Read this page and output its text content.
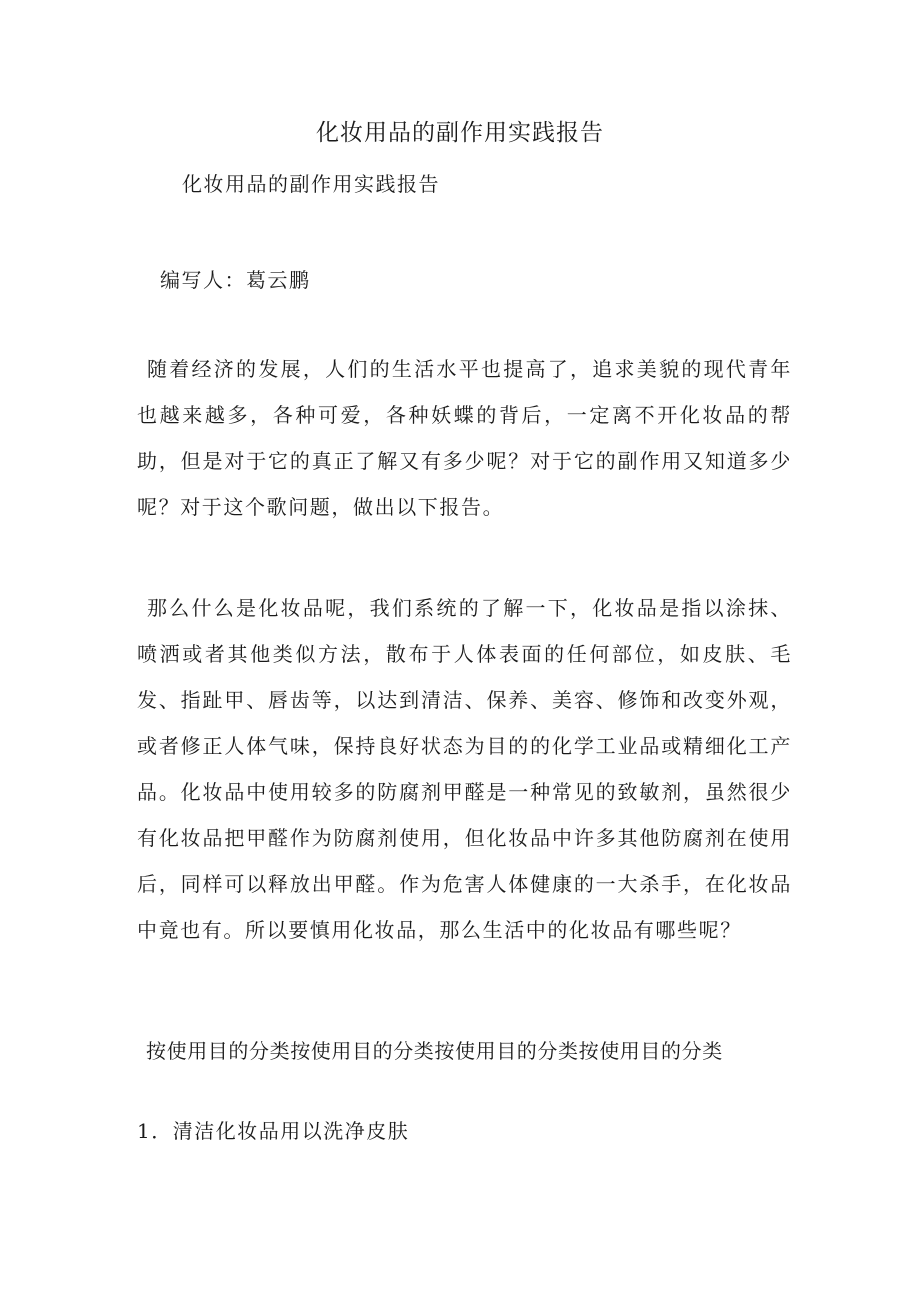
化妆用品的副作用实践报告

化妆用品的副作用实践报告

编写人：葛云鹏

随着经济的发展，人们的生活水平也提高了，追求美貌的现代青年也越来越多，各种可爱，各种妖蝶的背后，一定离不开化妆品的帮助，但是对于它的真正了解又有多少呢？对于它的副作用又知道多少呢？对于这个歌问题，做出以下报告。

那么什么是化妆品呢，我们系统的了解一下，化妆品是指以涂抹、喷洒或者其他类似方法，散布于人体表面的任何部位，如皮肤、毛发、指趾甲、唇齿等，以达到清洁、保养、美容、修饰和改变外观，或者修正人体气味，保持良好状态为目的的化学工业品或精细化工产品。化妆品中使用较多的防腐剂甲醛是一种常见的致敏剂，虽然很少有化妆品把甲醛作为防腐剂使用，但化妆品中许多其他防腐剂在使用后，同样可以释放出甲醛。作为危害人体健康的一大杀手，在化妆品中竟也有。所以要慎用化妆品，那么生活中的化妆品有哪些呢？

按使用目的分类按使用目的分类按使用目的分类按使用目的分类

1．清洁化妆品用以洗净皮肤
